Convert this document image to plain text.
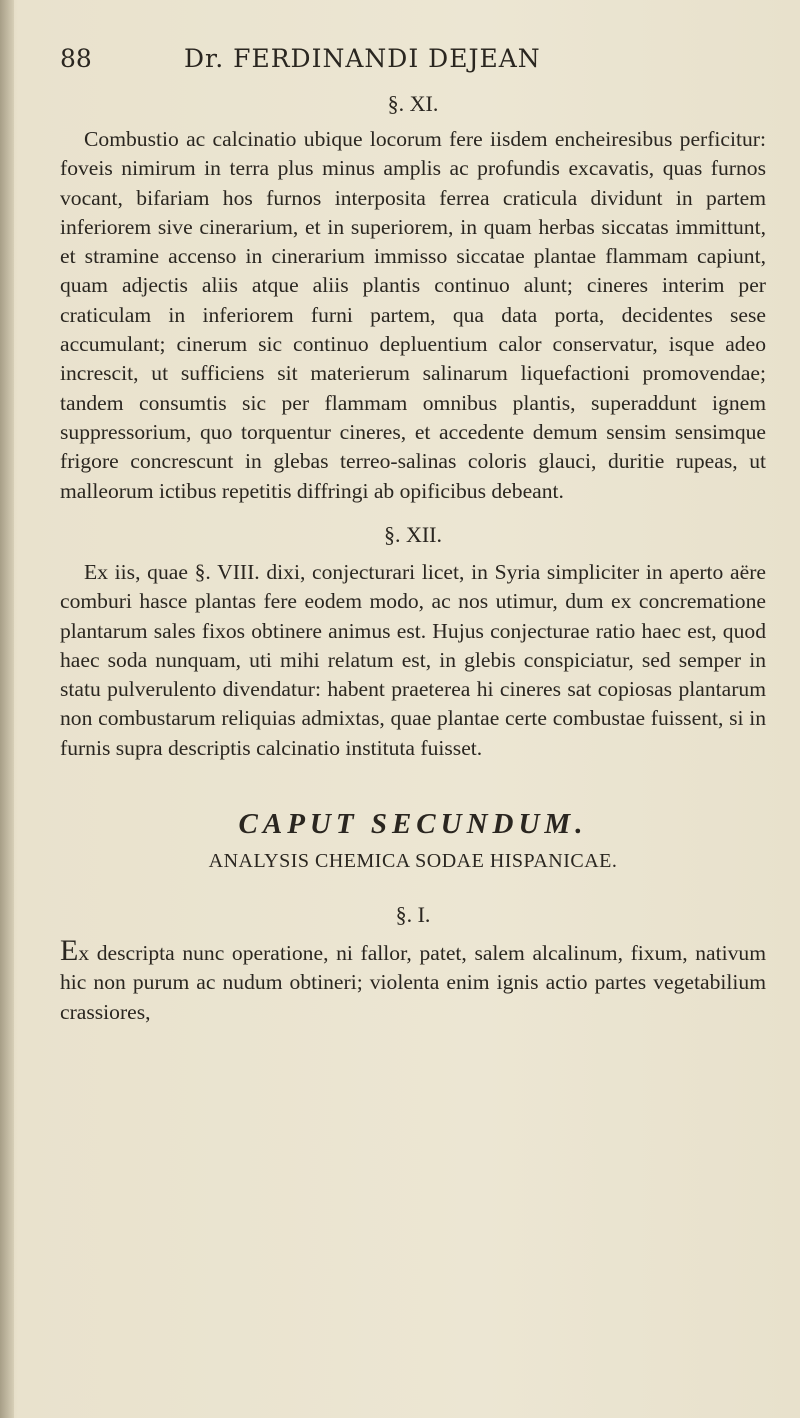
88	Dr. FERDINANDI DEJEAN
§. XI.

Combustio ac calcinatio ubique locorum fere iisdem encheiresibus perficitur: foveis nimirum in terra plus minus amplis ac profundis excavatis, quas furnos vocant, bifariam hos furnos interposita ferrea craticula dividunt in partem inferiorem sive cinerarium, et in superiorem, in quam herbas siccatas immittunt, et stramine accenso in cinerarium immisso siccatae plantae flammam capiunt, quam adjectis aliis atque aliis plantis continuo alunt; cineres interim per craticulam in inferiorem furni partem, qua data porta, decidentes sese accumulant; cinerum sic continuo depluentium calor conservatur, isque adeo increscit, ut sufficiens sit materierum salinarum liquefactioni promovendae; tandem consumtis sic per flammam omnibus plantis, superaddunt ignem suppressorium, quo torquentur cineres, et accedente demum sensim sensimque frigore concrescunt in glebas terreo-salinas coloris glauci, duritie rupeas, ut malleorum ictibus repetitis diffringi ab opificibus debeant.

§. XII.

Ex iis, quae §. VIII. dixi, conjecturari licet, in Syria simpliciter in aperto aëre comburi hasce plantas fere eodem modo, ac nos utimur, dum ex concrematione plantarum sales fixos obtinere animus est. Hujus conjecturae ratio haec est, quod haec soda nunquam, uti mihi relatum est, in glebis conspiciatur, sed semper in statu pulverulento divendatur: habent praeterea hi cineres sat copiosas plantarum non combustarum reliquias admixtas, quae plantae certe combustae fuissent, si in furnis supra descriptis calcinatio instituta fuisset.

CAPUT SECUNDUM.
ANALYSIS CHEMICA SODAE HISPANICAE.
§. I.

Ex descripta nunc operatione, ni fallor, patet, salem alcalinum, fixum, nativum hic non purum ac nudum obtineri; violenta enim ignis actio partes vegetabilium crassiores,
